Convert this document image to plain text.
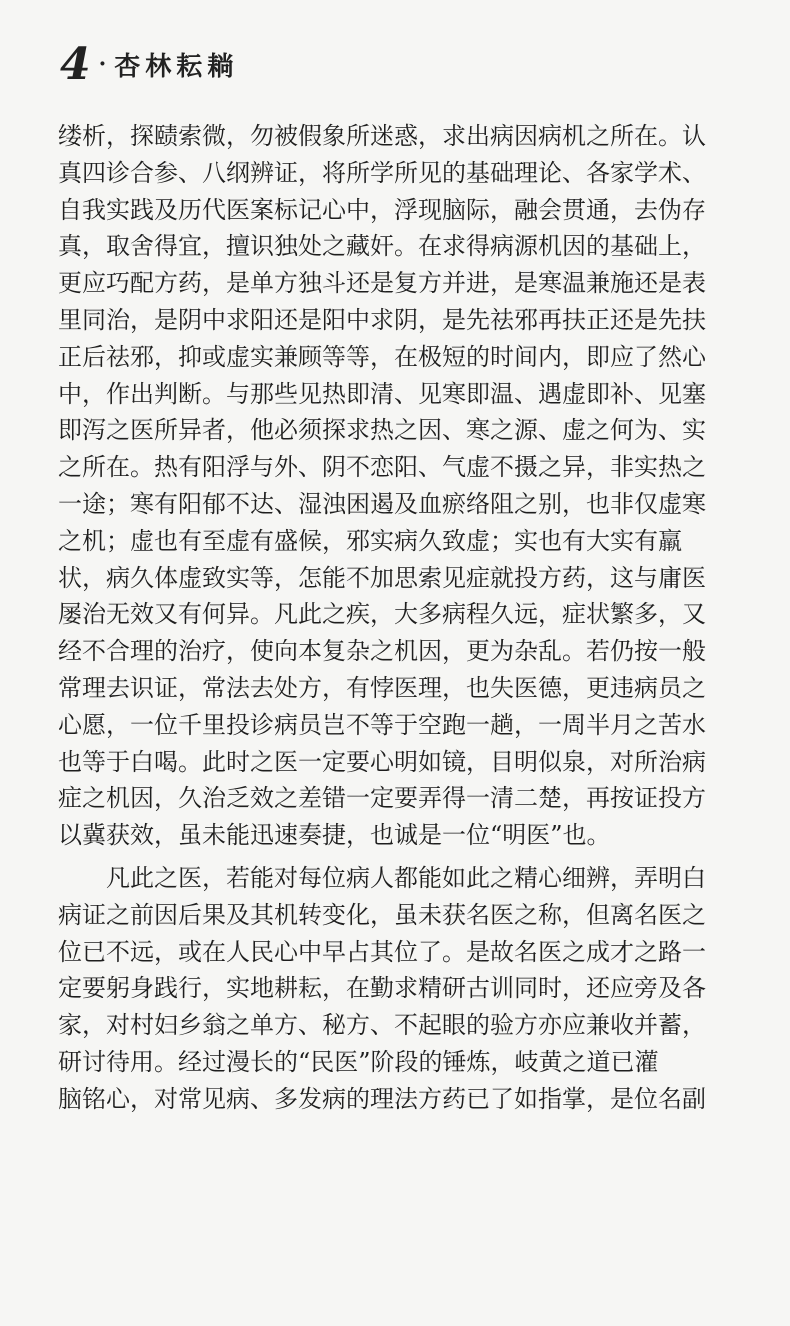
4 · 杏林耘耥
缕析，探赜索微，勿被假象所迷惑，求出病因病机之所在。认
真四诊合参、八纲辨证，将所学所见的基础理论、各家学术、
自我实践及历代医案标记心中，浮现脑际，融会贯通，去伪存
真，取舍得宜，擅识独处之藏奸。在求得病源机因的基础上，
更应巧配方药，是单方独斗还是复方并进，是寒温兼施还是表
里同治，是阴中求阳还是阳中求阴，是先祛邪再扶正还是先扶
正后祛邪，抑或虚实兼顾等等，在极短的时间内，即应了然心
中，作出判断。与那些见热即清、见寒即温、遇虚即补、见塞
即泻之医所异者，他必须探求热之因、寒之源、虚之何为、实
之所在。热有阳浮与外、阴不恋阳、气虚不摄之异，非实热之
一途；寒有阳郁不达、湿浊困遏及血瘀络阻之别，也非仅虚寒
之机；虚也有至虚有盛候，邪实病久致虚；实也有大实有羸
状，病久体虚致实等，怎能不加思索见症就投方药，这与庸医
屡治无效又有何异。凡此之疾，大多病程久远，症状繁多，又
经不合理的治疗，使向本复杂之机因，更为杂乱。若仍按一般
常理去识证，常法去处方，有悖医理，也失医德，更违病员之
心愿，一位千里投诊病员岂不等于空跑一趟，一周半月之苦水
也等于白喝。此时之医一定要心明如镜，目明似泉，对所治病
症之机因，久治乏效之差错一定要弄得一清二楚，再按证投方
以冀获效，虽未能迅速奏捷，也诚是一位“明医”也。
凡此之医，若能对每位病人都能如此之精心细辨，弄明白
病证之前因后果及其机转变化，虽未获名医之称，但离名医之
位已不远，或在人民心中早占其位了。是故名医之成才之路一
定要躬身践行，实地耕耘，在勤求精研古训同时，还应旁及各
家，对村妇乡翁之单方、秘方、不起眼的验方亦应兼收并蓄，
研讨待用。经过漫长的“民医”阶段的锤炼，岐黄之道已灌
脑铭心，对常见病、多发病的理法方药已了如指掌，是位名副
